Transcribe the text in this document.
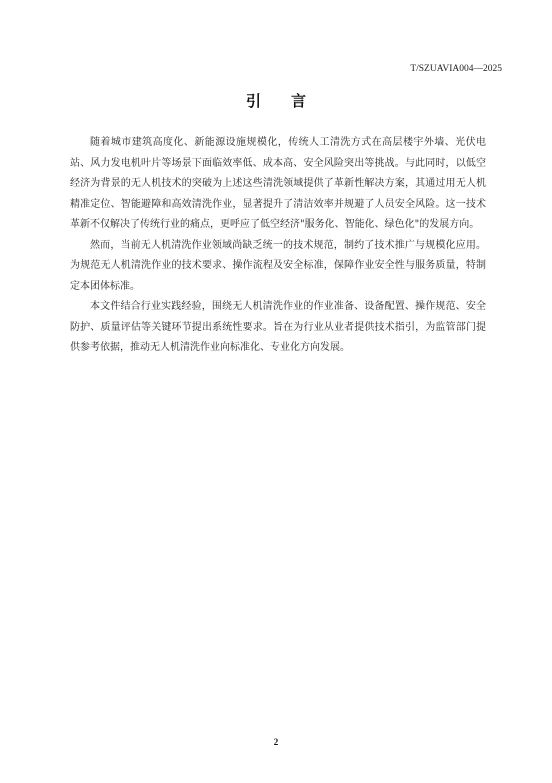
T/SZUAVIA004—2025
引言

随着城市建筑高度化、新能源设施规模化，传统人工清洗方式在高层楼宇外墙、光伏电站、风力发电机叶片等场景下面临效率低、成本高、安全风险突出等挑战。与此同时，以低空经济为背景的无人机技术的突破为上述这些清洗领域提供了革新性解决方案，其通过用无人机精准定位、智能避障和高效清洗作业，显著提升了清洁效率并规避了人员安全风险。这一技术革新不仅解决了传统行业的痛点，更呼应了低空经济"服务化、智能化、绿色化"的发展方向。

然而，当前无人机清洗作业领域尚缺乏统一的技术规范，制约了技术推广与规模化应用。为规范无人机清洗作业的技术要求、操作流程及安全标准，保障作业安全性与服务质量，特制定本团体标准。

本文件结合行业实践经验，围绕无人机清洗作业的作业准备、设备配置、操作规范、安全防护、质量评估等关键环节提出系统性要求。旨在为行业从业者提供技术指引，为监管部门提供参考依据，推动无人机清洗作业向标准化、专业化方向发展。

2
